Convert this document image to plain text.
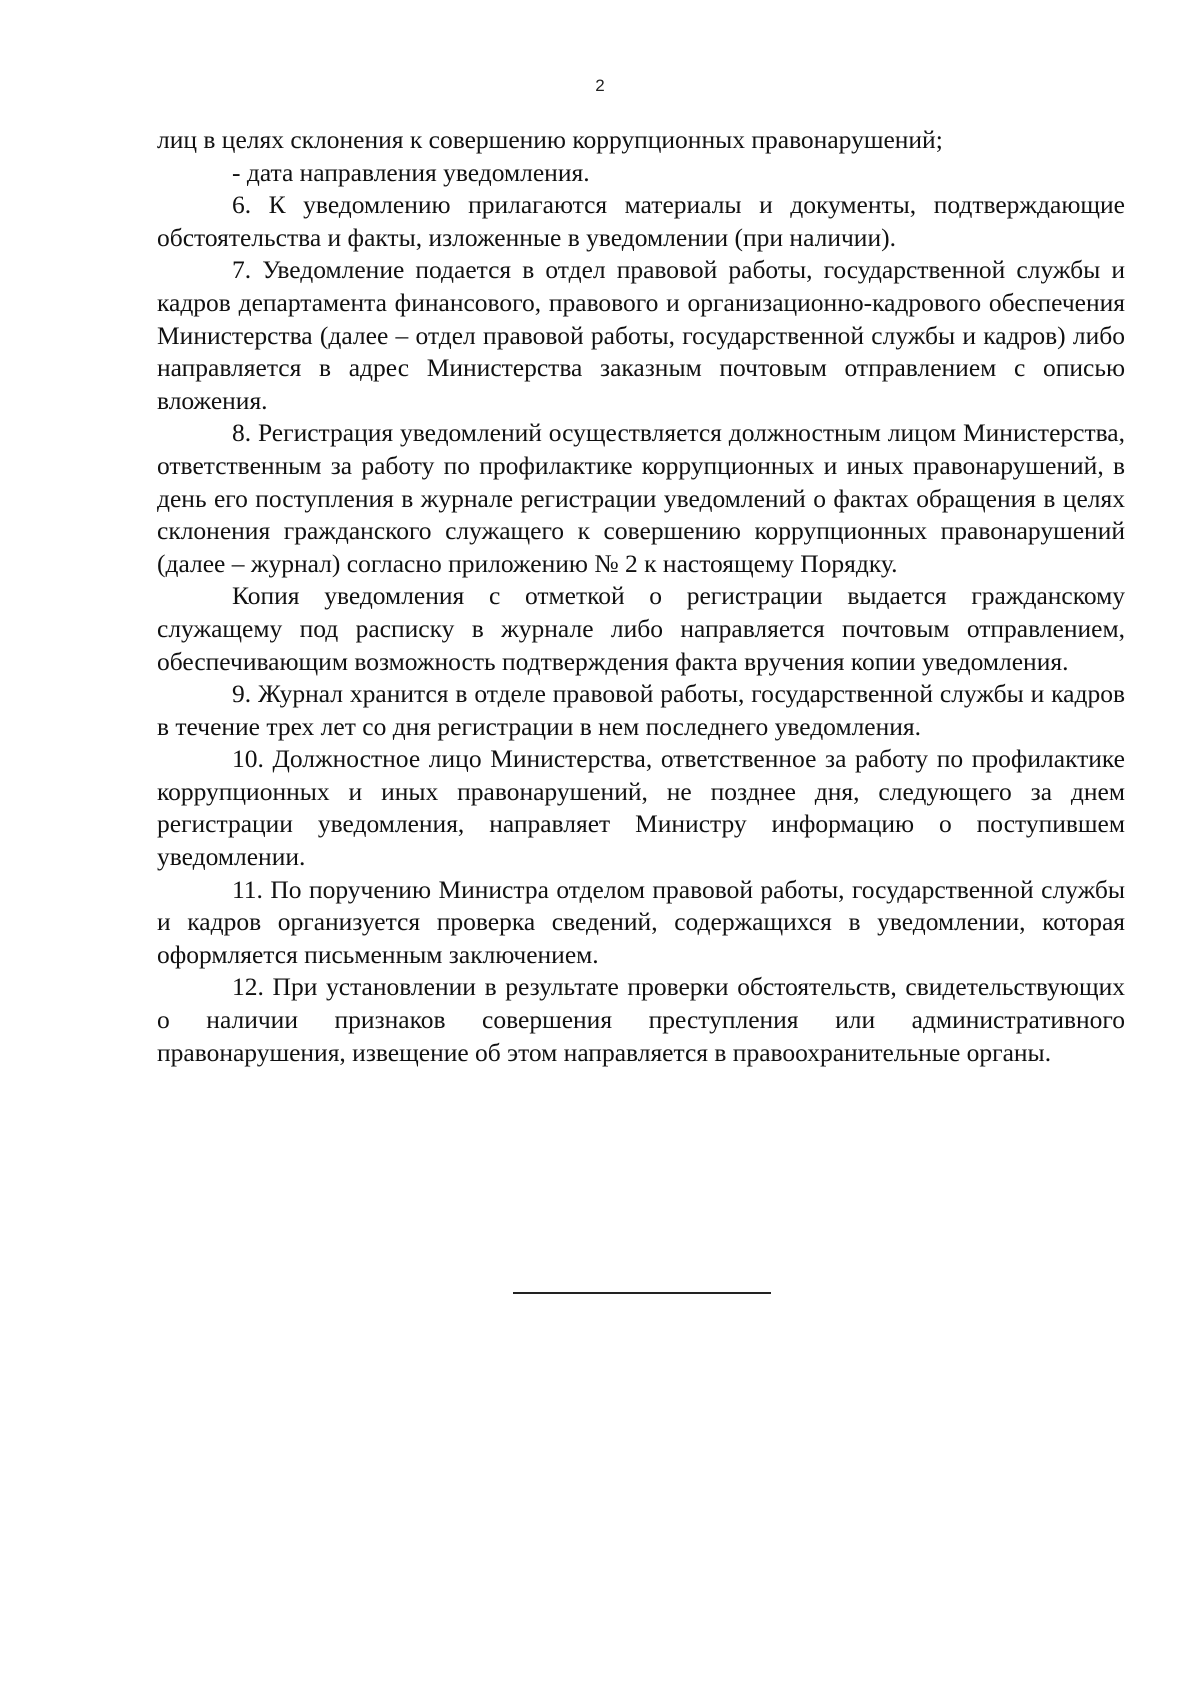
2

лиц в целях склонения к совершению коррупционных правонарушений;

- дата направления уведомления.

6. К уведомлению прилагаются материалы и документы, подтверждающие обстоятельства и факты, изложенные в уведомлении (при наличии).

7. Уведомление подается в отдел правовой работы, государственной службы и кадров департамента финансового, правового и организационно-кадрового обеспечения Министерства (далее – отдел правовой работы, государственной службы и кадров) либо направляется в адрес Министерства заказным почтовым отправлением с описью вложения.

8. Регистрация уведомлений осуществляется должностным лицом Министерства, ответственным за работу по профилактике коррупционных и иных правонарушений, в день его поступления в журнале регистрации уведомлений о фактах обращения в целях склонения гражданского служащего к совершению коррупционных правонарушений (далее – журнал) согласно приложению № 2 к настоящему Порядку.

Копия уведомления с отметкой о регистрации выдается гражданскому служащему под расписку в журнале либо направляется почтовым отправлением, обеспечивающим возможность подтверждения факта вручения копии уведомления.

9. Журнал хранится в отделе правовой работы, государственной службы и кадров в течение трех лет со дня регистрации в нем последнего уведомления.

10. Должностное лицо Министерства, ответственное за работу по профилактике коррупционных и иных правонарушений, не позднее дня, следующего за днем регистрации уведомления, направляет Министру информацию о поступившем уведомлении.

11. По поручению Министра отделом правовой работы, государственной службы и кадров организуется проверка сведений, содержащихся в уведомлении, которая оформляется письменным заключением.

12. При установлении в результате проверки обстоятельств, свидетельствующих о наличии признаков совершения преступления или административного правонарушения, извещение об этом направляется в правоохранительные органы.
